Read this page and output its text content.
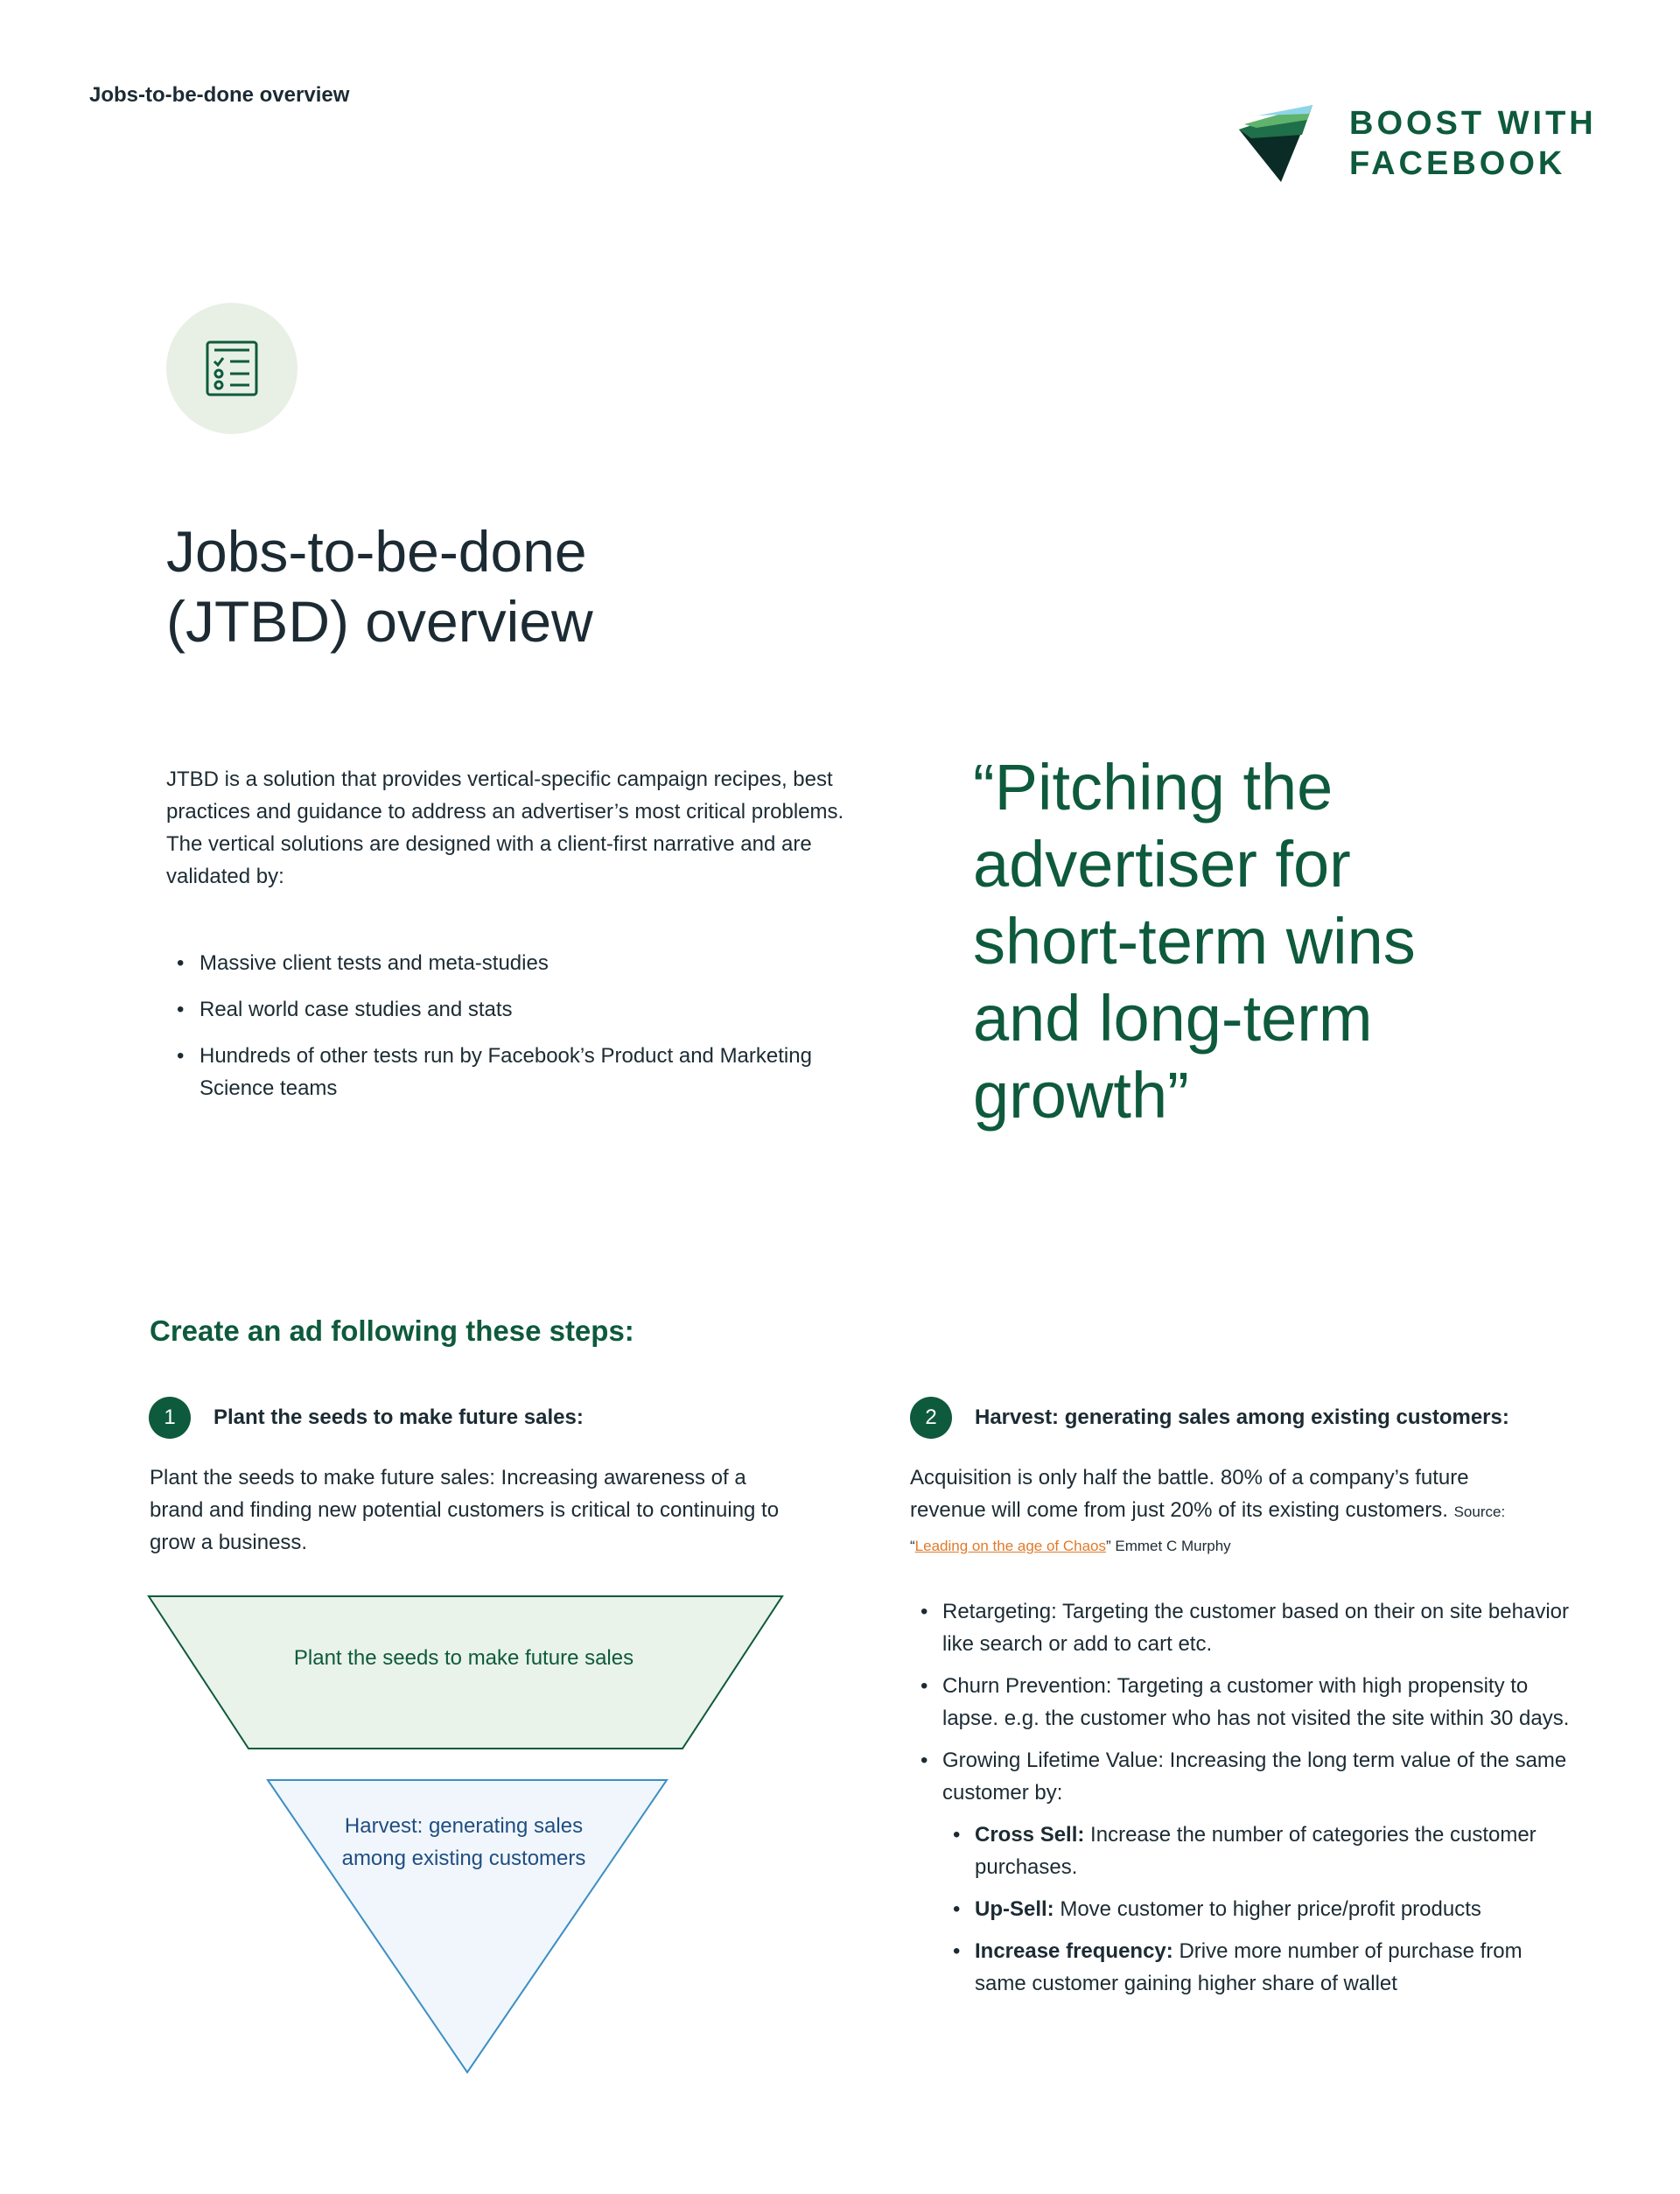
Jobs-to-be-done overview
BOOST WITH
FACEBOOK
Jobs-to-be-done
(JTBD) overview

JTBD is a solution that provides vertical-specific campaign recipes, best practices and guidance to address an advertiser’s most critical problems. The vertical solutions are designed with a client-first narrative and are validated by:

• Massive client tests and meta-studies
• Real world case studies and stats
• Hundreds of other tests run by Facebook’s Product and Marketing Science teams
“Pitching the
advertiser for
short-term wins
and long-term
growth”
Create an ad following these steps:
1	Plant the seeds to make future sales:

Plant the seeds to make future sales: Increasing awareness of a brand and finding new potential customers is critical to continuing to grow a business.

2	Harvest: generating sales among existing customers:

Acquisition is only half the battle. 80% of a company’s future revenue will come from just 20% of its existing customers. Source: “Leading on the age of Chaos” Emmet C Murphy

Plant the seeds to make future sales
Harvest: generating sales among existing customers
• Retargeting: Targeting the customer based on their on site behavior like search or add to cart etc.
• Churn Prevention: Targeting a customer with high propensity to lapse. e.g. the customer who has not visited the site within 30 days.
• Growing Lifetime Value: Increasing the long term value of the same customer by:
• Cross Sell: Increase the number of categories the customer purchases.
• Up-Sell: Move customer to higher price/profit products
• Increase frequency: Drive more number of purchase from same customer gaining higher share of wallet
